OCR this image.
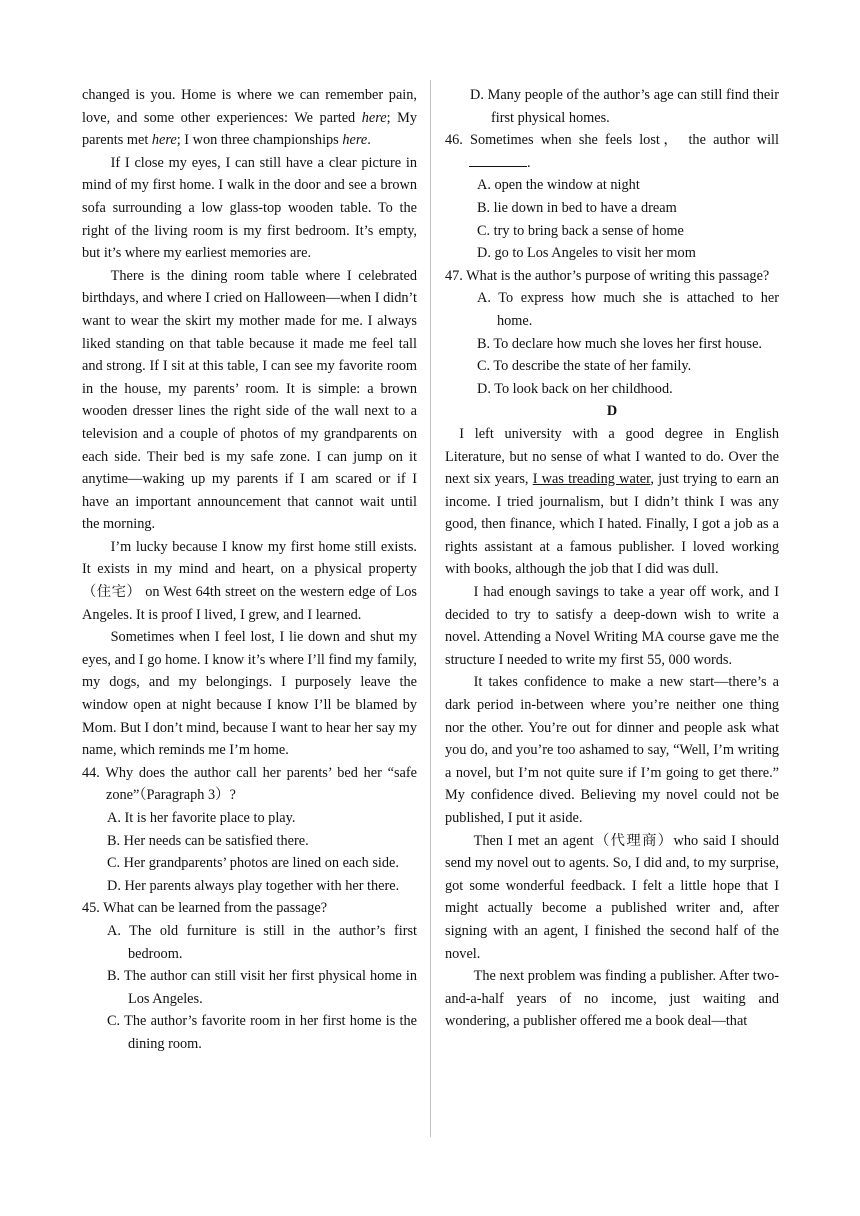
changed is you. Home is where we can remember pain, love, and some other experiences: We parted here; My parents met here; I won three championships here.

If I close my eyes, I can still have a clear picture in mind of my first home. I walk in the door and see a brown sofa surrounding a low glass-top wooden table. To the right of the living room is my first bedroom. It’s empty, but it’s where my earliest memories are.

There is the dining room table where I celebrated birthdays, and where I cried on Halloween—when I didn’t want to wear the skirt my mother made for me. I always liked standing on that table because it made me feel tall and strong. If I sit at this table, I can see my favorite room in the house, my parents’ room. It is simple: a brown wooden dresser lines the right side of the wall next to a television and a couple of photos of my grandparents on each side. Their bed is my safe zone. I can jump on it anytime—waking up my parents if I am scared or if I have an important announcement that cannot wait until the morning.

I’m lucky because I know my first home still exists. It exists in my mind and heart, on a physical property （住宅） on West 64th street on the western edge of Los Angeles. It is proof I lived, I grew, and I learned.

Sometimes when I feel lost, I lie down and shut my eyes, and I go home. I know it’s where I’ll find my family, my dogs, and my belongings. I purposely leave the window open at night because I know I’ll be blamed by Mom. But I don’t mind, because I want to hear her say my name, which reminds me I’m home.

44. Why does the author call her parents’ bed her “safe zone”（Paragraph 3）?

A. It is her favorite place to play.

B. Her needs can be satisfied there.

C. Her grandparents’ photos are lined on each side.

D. Her parents always play together with her there.

45. What can be learned from the passage?

A. The old furniture is still in the author’s first bedroom.

B. The author can still visit her first physical home in Los Angeles.

C. The author’s favorite room in her first home is the dining room.

D. Many people of the author’s age can still find their first physical homes.

46. Sometimes when she feels lost， the author will .

A. open the window at night

B. lie down in bed to have a dream

C. try to bring back a sense of home

D. go to Los Angeles to visit her mom

47. What is the author’s purpose of writing this passage?

A. To express how much she is attached to her home.

B. To declare how much she loves her first house.

C. To describe the state of her family.

D. To look back on her childhood.

D

I left university with a good degree in English Literature, but no sense of what I wanted to do. Over the next six years, I was treading water, just trying to earn an income. I tried journalism, but I didn’t think I was any good, then finance, which I hated. Finally, I got a job as a rights assistant at a famous publisher. I loved working with books, although the job that I did was dull.

I had enough savings to take a year off work, and I decided to try to satisfy a deep-down wish to write a novel. Attending a Novel Writing MA course gave me the structure I needed to write my first 55, 000 words.

It takes confidence to make a new start—there’s a dark period in-between where you’re neither one thing nor the other. You’re out for dinner and people ask what you do, and you’re too ashamed to say, “Well, I’m writing a novel, but I’m not quite sure if I’m going to get there.” My confidence dived. Believing my novel could not be published, I put it aside.

Then I met an agent（代理商）who said I should send my novel out to agents. So, I did and, to my surprise, got some wonderful feedback. I felt a little hope that I might actually become a published writer and, after signing with an agent, I finished the second half of the novel.

The next problem was finding a publisher. After two-and-a-half years of no income, just waiting and wondering, a publisher offered me a book deal—that
